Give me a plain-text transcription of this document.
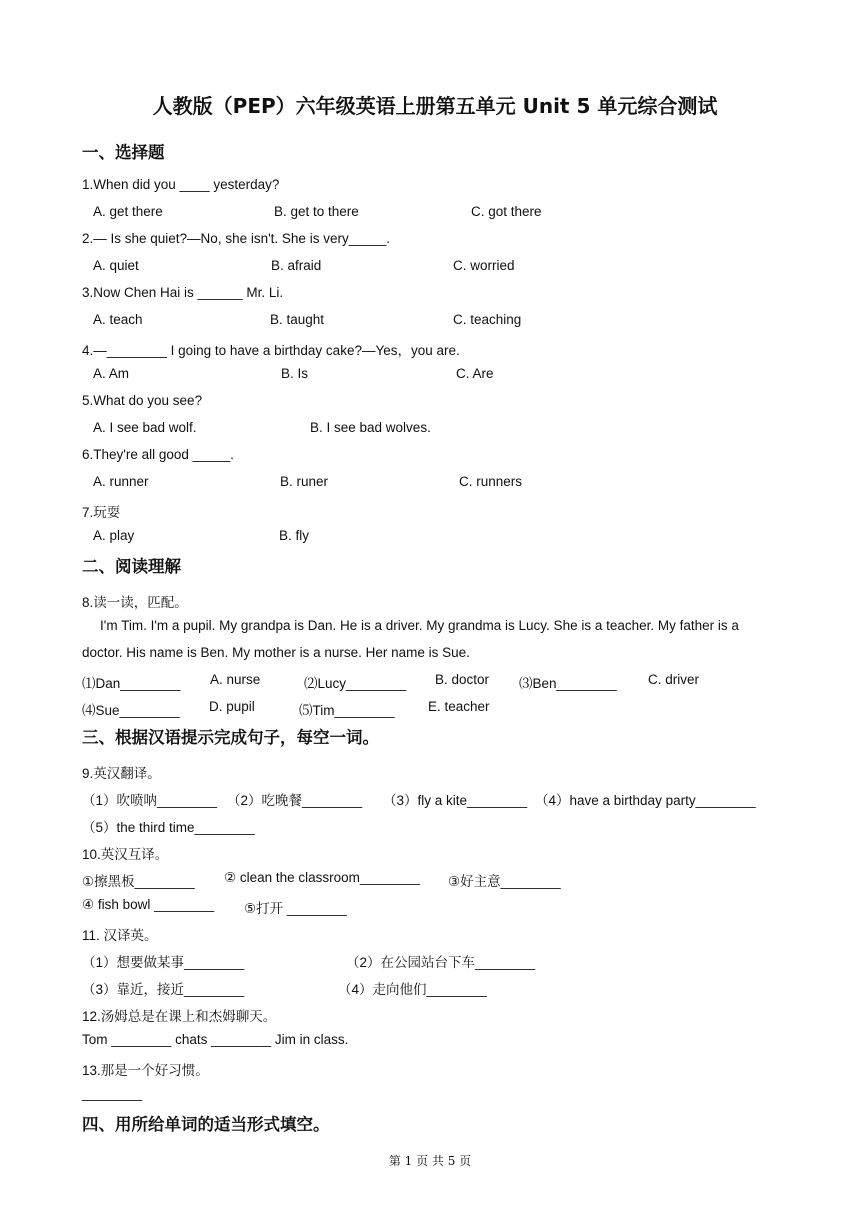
人教版（PEP）六年级英语上册第五单元 Unit 5 单元综合测试
一、选择题
1.When did you ____ yesterday?
A. get there	B. get to there	C. got there
2.— Is she quiet?—No, she isn't. She is very_____.
A. quiet	B. afraid	C. worried
3.Now Chen Hai is ______ Mr. Li.
A. teach	B. taught	C. teaching
4.—________ I going to have a birthday cake?—Yes，you are.
A. Am	B. Is	C. Are
5.What do you see?
A. I see bad wolf.	B. I see bad wolves.
6.They're all good _____.
A. runner	B. runer	C. runners
7.玩耍
A. play	B. fly
二、阅读理解
8.读一读，匹配。
I'm Tim. I'm a pupil. My grandpa is Dan. He is a driver. My grandma is Lucy. She is a teacher. My father is a
doctor. His name is Ben. My mother is a nurse. Her name is Sue.
⑴Dan________ A. nurse	⑵Lucy________ B. doctor ⑶Ben________ C. driver
⑷Sue________ D. pupil	⑸Tim________ E. teacher
三、根据汉语提示完成句子，每空一词。
9.英汉翻译。
（1）吹喷呐________ （2）吃晚餐________ （3）fly a kite________ （4）have a birthday party________
（5）the third time________
10.英汉互译。
①擦黑板________ ② clean the classroom________ ③好主意________
④ fish bowl ________ ⑤打开 ________
11. 汉译英。
（1）想要做某事________	（2）在公园站台下车________
（3）靠近，接近________	（4）走向他们________
12.汤姆总是在课上和杰姆聊天。
Tom ________ chats ________ Jim in class.
13.那是一个好习惯。
________
四、用所给单词的适当形式填空。
第 1 页 共 5 页
